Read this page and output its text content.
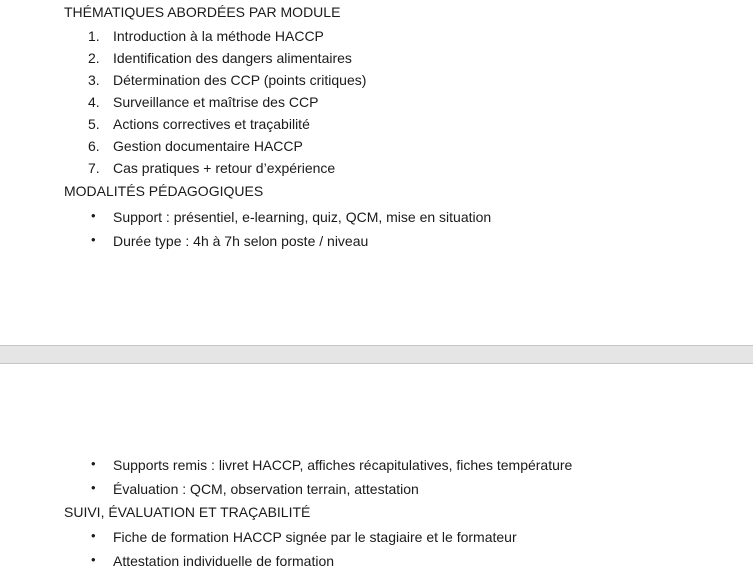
THÉMATIQUES ABORDÉES PAR MODULE
1. Introduction à la méthode HACCP
2. Identification des dangers alimentaires
3. Détermination des CCP (points critiques)
4. Surveillance et maîtrise des CCP
5. Actions correctives et traçabilité
6. Gestion documentaire HACCP
7. Cas pratiques + retour d’expérience
MODALITÉS PÉDAGOGIQUES
• Support : présentiel, e-learning, quiz, QCM, mise en situation
• Durée type : 4h à 7h selon poste / niveau
• Supports remis : livret HACCP, affiches récapitulatives, fiches température
• Évaluation : QCM, observation terrain, attestation
SUIVI, ÉVALUATION ET TRAÇABILITÉ
• Fiche de formation HACCP signée par le stagiaire et le formateur
• Attestation individuelle de formation
